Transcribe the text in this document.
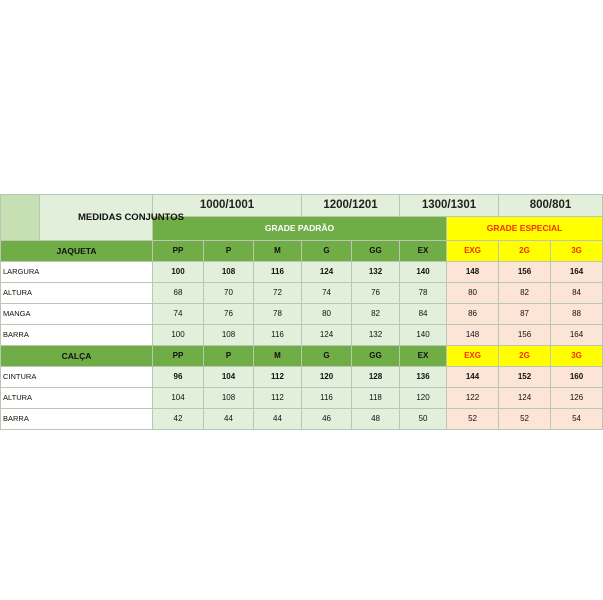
	MEDIDAS CONJUNTOS	1000/1001			1200/1201		1300/1301		800/801	
		GRADE PADRÃO						GRADE ESPECIAL		
JAQUETA		PP	P	M	G	GG	EX	EXG	2G	3G
LARGURA		100	108	116	124	132	140	148	156	164
ALTURA		68	70	72	74	76	78	80	82	84
MANGA		74	76	78	80	82	84	86	87	88
BARRA		100	108	116	124	132	140	148	156	164
CALÇA		PP	P	M	G	GG	EX	EXG	2G	3G
CINTURA		96	104	112	120	128	136	144	152	160
ALTURA		104	108	112	116	118	120	122	124	126
BARRA		42	44	44	46	48	50	52	52	54
